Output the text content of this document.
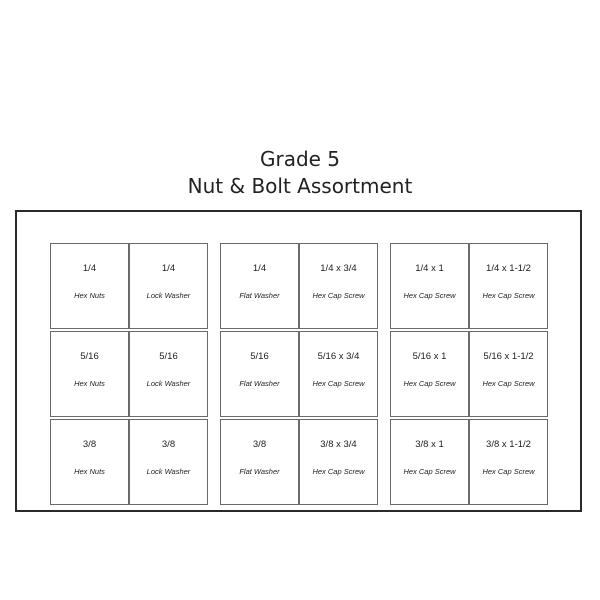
Grade 5
Nut & Bolt Assortment
1/4
Hex Nuts
1/4
Lock Washer
5/16
Hex Nuts
5/16
Lock Washer
3/8
Hex Nuts
3/8
Lock Washer
1/4
Flat Washer
1/4 x 3/4
Hex Cap Screw
5/16
Flat Washer
5/16 x 3/4
Hex Cap Screw
3/8
Flat Washer
3/8 x 3/4
Hex Cap Screw
1/4 x 1
Hex Cap Screw
1/4 x 1-1/2
Hex Cap Screw
5/16 x 1
Hex Cap Screw
5/16 x 1-1/2
Hex Cap Screw
3/8 x 1
Hex Cap Screw
3/8 x 1-1/2
Hex Cap Screw
